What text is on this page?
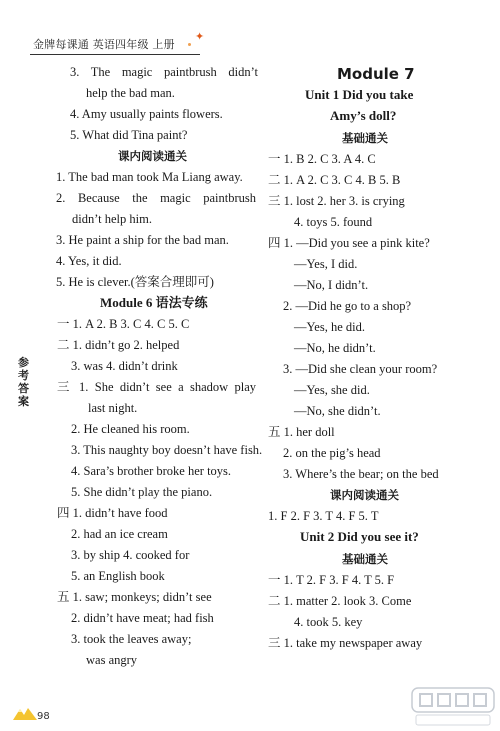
金牌每课通 英语四年级 上册
✦
参考答案
3. The magic paintbrush didn’t
help the bad man.
4. Amy usually paints flowers.
5. What did Tina paint?
课内阅读通关
1. The bad man took Ma Liang away.
2. Because the magic paintbrush
didn’t help him.
3. He paint a ship for the bad man.
4. Yes, it did.
5. He is clever.(答案合理即可)
Module 6 语法专练
一 1. A 2. B 3. C 4. C 5. C
二 1. didn’t go 2. helped
3. was 4. didn’t drink
三 1. She didn’t see a shadow play
last night.
2. He cleaned his room.
3. This naughty boy doesn’t have fish.
4. Sara’s brother broke her toys.
5. She didn’t play the piano.
四 1. didn’t have food
2. had an ice cream
3. by ship 4. cooked for
5. an English book
五 1. saw; monkeys; didn’t see
2. didn’t have meat; had fish
3. took the leaves away;
was angry
Module 7
Unit 1 Did you take
Amy’s doll?
基础通关
一 1. B 2. C 3. A 4. C
二 1. A 2. C 3. C 4. B 5. B
三 1. lost 2. her 3. is crying
4. toys 5. found
四 1. —Did you see a pink kite?
—Yes, I did.
—No, I didn’t.
2. —Did he go to a shop?
—Yes, he did.
—No, he didn’t.
3. —Did she clean your room?
—Yes, she did.
—No, she didn’t.
五 1. her doll
2. on the pig’s head
3. Where’s the bear; on the bed
课内阅读通关
1. F 2. F 3. T 4. F 5. T
Unit 2 Did you see it?
基础通关
一 1. T 2. F 3. F 4. T 5. F
二 1. matter 2. look 3. Come
4. took 5. key
三 1. take my newspaper away
98
